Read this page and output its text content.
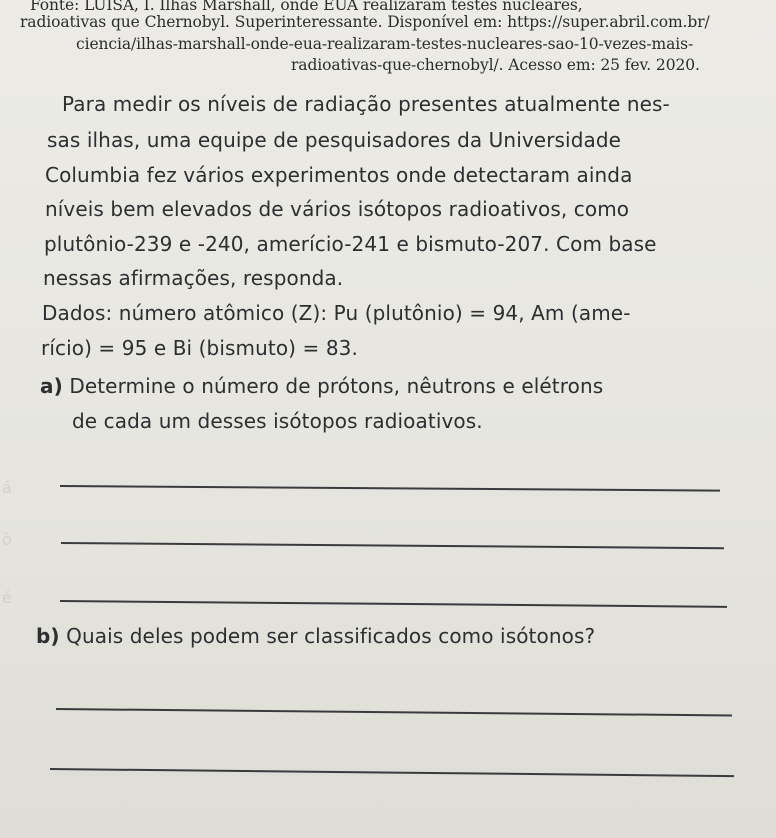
á
ò
é
Fonte: LUISA, I. Ilhas Marshall, onde EUA realizaram testes nucleares,
radioativas que Chernobyl. Superinteressante. Disponível em: https://super.abril.com.br/
ciencia/ilhas-marshall-onde-eua-realizaram-testes-nucleares-sao-10-vezes-mais-
radioativas-que-chernobyl/. Acesso em: 25 fev. 2020.
Para medir os níveis de radiação presentes atualmente nes-
sas ilhas, uma equipe de pesquisadores da Universidade
Columbia fez vários experimentos onde detectaram ainda
níveis bem elevados de vários isótopos radioativos, como
plutônio-239 e -240, amerício-241 e bismuto-207. Com base
nessas afirmações, responda.
Dados: número atômico (Z): Pu (plutônio) = 94, Am (ame-
rício) = 95 e Bi (bismuto) = 83.
a) Determine o número de prótons, nêutrons e elétrons
de cada um desses isótopos radioativos.
b) Quais deles podem ser classificados como isótonos?
